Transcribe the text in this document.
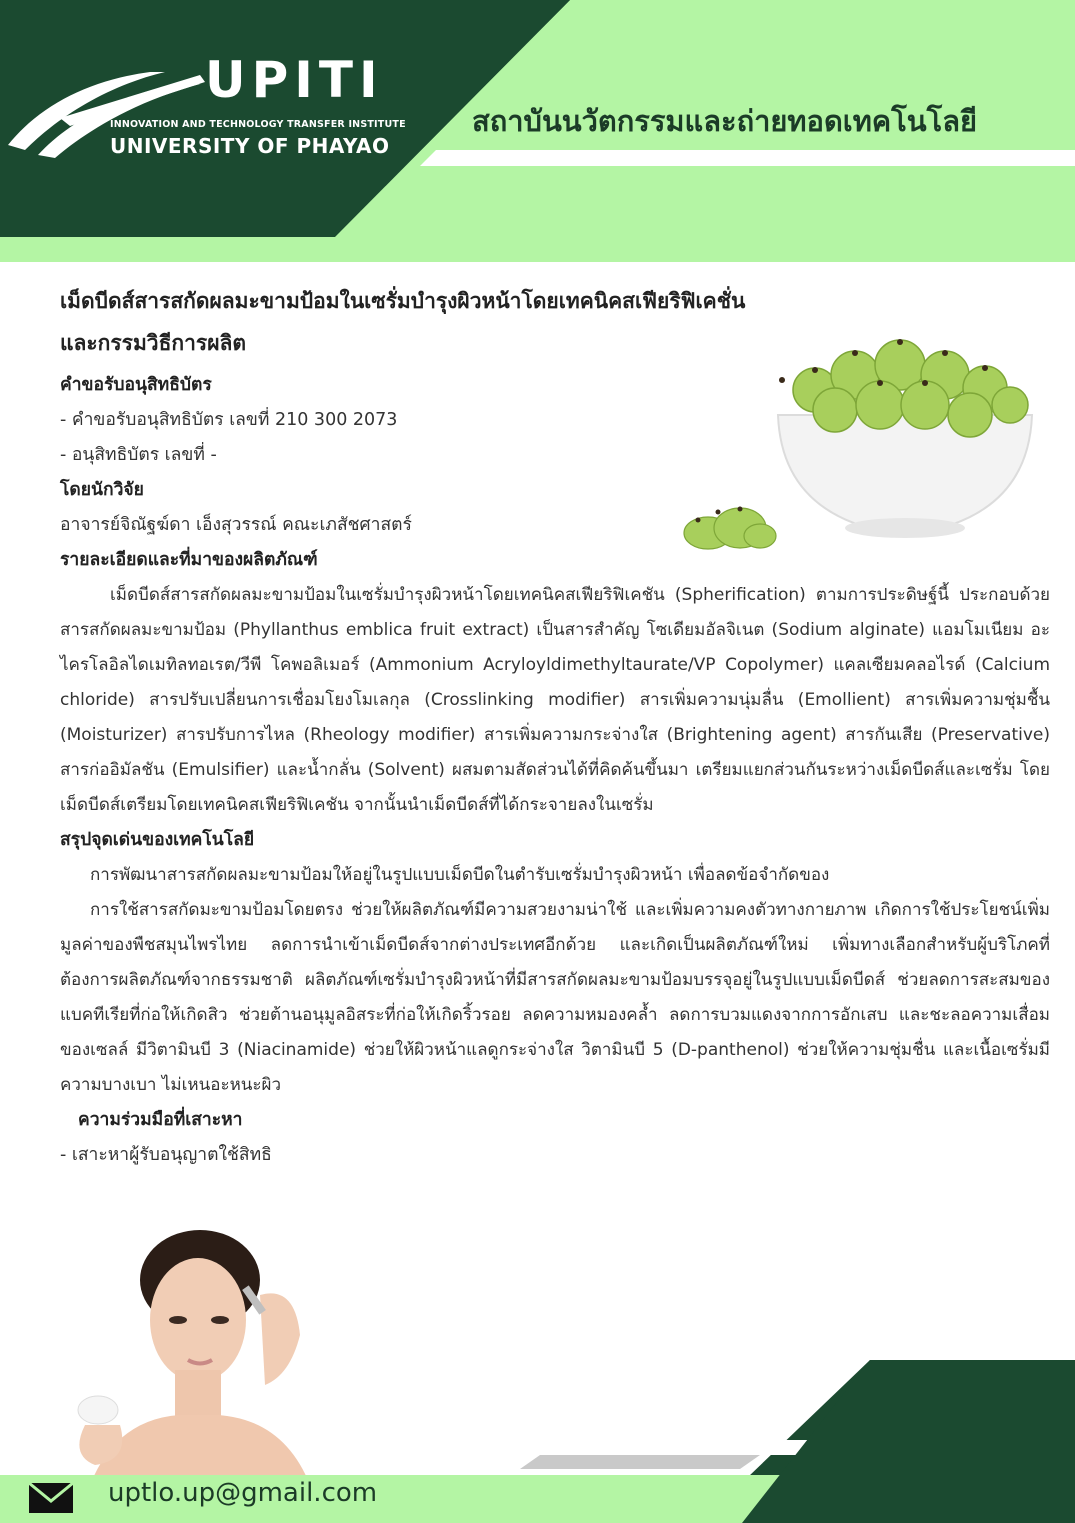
UPITI
INNOVATION AND TECHNOLOGY TRANSFER INSTITUTE
UNIVERSITY OF PHAYAO
สถาบันนวัตกรรมและถ่ายทอดเทคโนโลยี

เม็ดบีดส์สารสกัดผลมะขามป้อมในเซรั่มบำรุงผิวหน้าโดยเทคนิคสเฟียริฟิเคชั่น

และกรรมวิธีการผลิต

คำขอรับอนุสิทธิบัตร

- คำขอรับอนุสิทธิบัตร เลขที่ 210 300 2073

- อนุสิทธิบัตร เลขที่ -

โดยนักวิจัย

อาจารย์จิณัฐฆ์ดา เอ็งสุวรรณ์ คณะเภสัชศาสตร์

รายละเอียดและที่มาของผลิตภัณฑ์

เม็ดบีดส์สารสกัดผลมะขามป้อมในเซรั่มบำรุงผิวหน้าโดยเทคนิคสเฟียริฟิเคชัน (Spherification) ตามการประดิษฐ์นี้ ประกอบด้วย สารสกัดผลมะขามป้อม (Phyllanthus emblica fruit extract) เป็นสารสำคัญ โซเดียมอัลจิเนต (Sodium alginate) แอมโมเนียม อะไครโลอิลไดเมทิลทอเรต/วีพี โคพอลิเมอร์ (Ammonium Acryloyldimethyltaurate/VP Copolymer) แคลเซียมคลอไรด์ (Calcium chloride) สารปรับเปลี่ยนการเชื่อมโยงโมเลกุล (Crosslinking modifier) สารเพิ่มความนุ่มลื่น (Emollient) สารเพิ่มความชุ่มชื้น (Moisturizer) สารปรับการไหล (Rheology modifier) สารเพิ่มความกระจ่างใส (Brightening agent) สารกันเสีย (Preservative) สารก่ออิมัลชัน (Emulsifier) และน้ำกลั่น (Solvent) ผสมตามสัดส่วนได้ที่คิดค้นขึ้นมา เตรียมแยกส่วนกันระหว่างเม็ดบีดส์และเซรั่ม โดยเม็ดบีดส์เตรียมโดยเทคนิคสเฟียริฟิเคชัน จากนั้นนำเม็ดบีดส์ที่ได้กระจายลงในเซรั่ม

สรุปจุดเด่นของเทคโนโลยี

การพัฒนาสารสกัดผลมะขามป้อมให้อยู่ในรูปแบบเม็ดบีดในตำรับเซรั่มบำรุงผิวหน้า เพื่อลดข้อจำกัดของ

การใช้สารสกัดมะขามป้อมโดยตรง ช่วยให้ผลิตภัณฑ์มีความสวยงามน่าใช้ และเพิ่มความคงตัวทางกายภาพ เกิดการใช้ประโยชน์เพิ่มมูลค่าของพืชสมุนไพรไทย ลดการนำเข้าเม็ดบีดส์จากต่างประเทศอีกด้วย และเกิดเป็นผลิตภัณฑ์ใหม่ เพิ่มทางเลือกสำหรับผู้บริโภคที่ต้องการผลิตภัณฑ์จากธรรมชาติ ผลิตภัณฑ์เซรั่มบำรุงผิวหน้าที่มีสารสกัดผลมะขามป้อมบรรจุอยู่ในรูปแบบเม็ดบีดส์ ช่วยลดการสะสมของแบคทีเรียที่ก่อให้เกิดสิว ช่วยต้านอนุมูลอิสระที่ก่อให้เกิดริ้วรอย ลดความหมองคล้ำ ลดการบวมแดงจากการอักเสบ และชะลอความเสื่อมของเซลล์ มีวิตามินบี 3 (Niacinamide) ช่วยให้ผิวหน้าแลดูกระจ่างใส วิตามินบี 5 (D-panthenol) ช่วยให้ความชุ่มชื่น และเนื้อเซรั่มมีความบางเบา ไม่เหนอะหนะผิว

ความร่วมมือที่เสาะหา

- เสาะหาผู้รับอนุญาตใช้สิทธิ

uptlo.up@gmail.com
